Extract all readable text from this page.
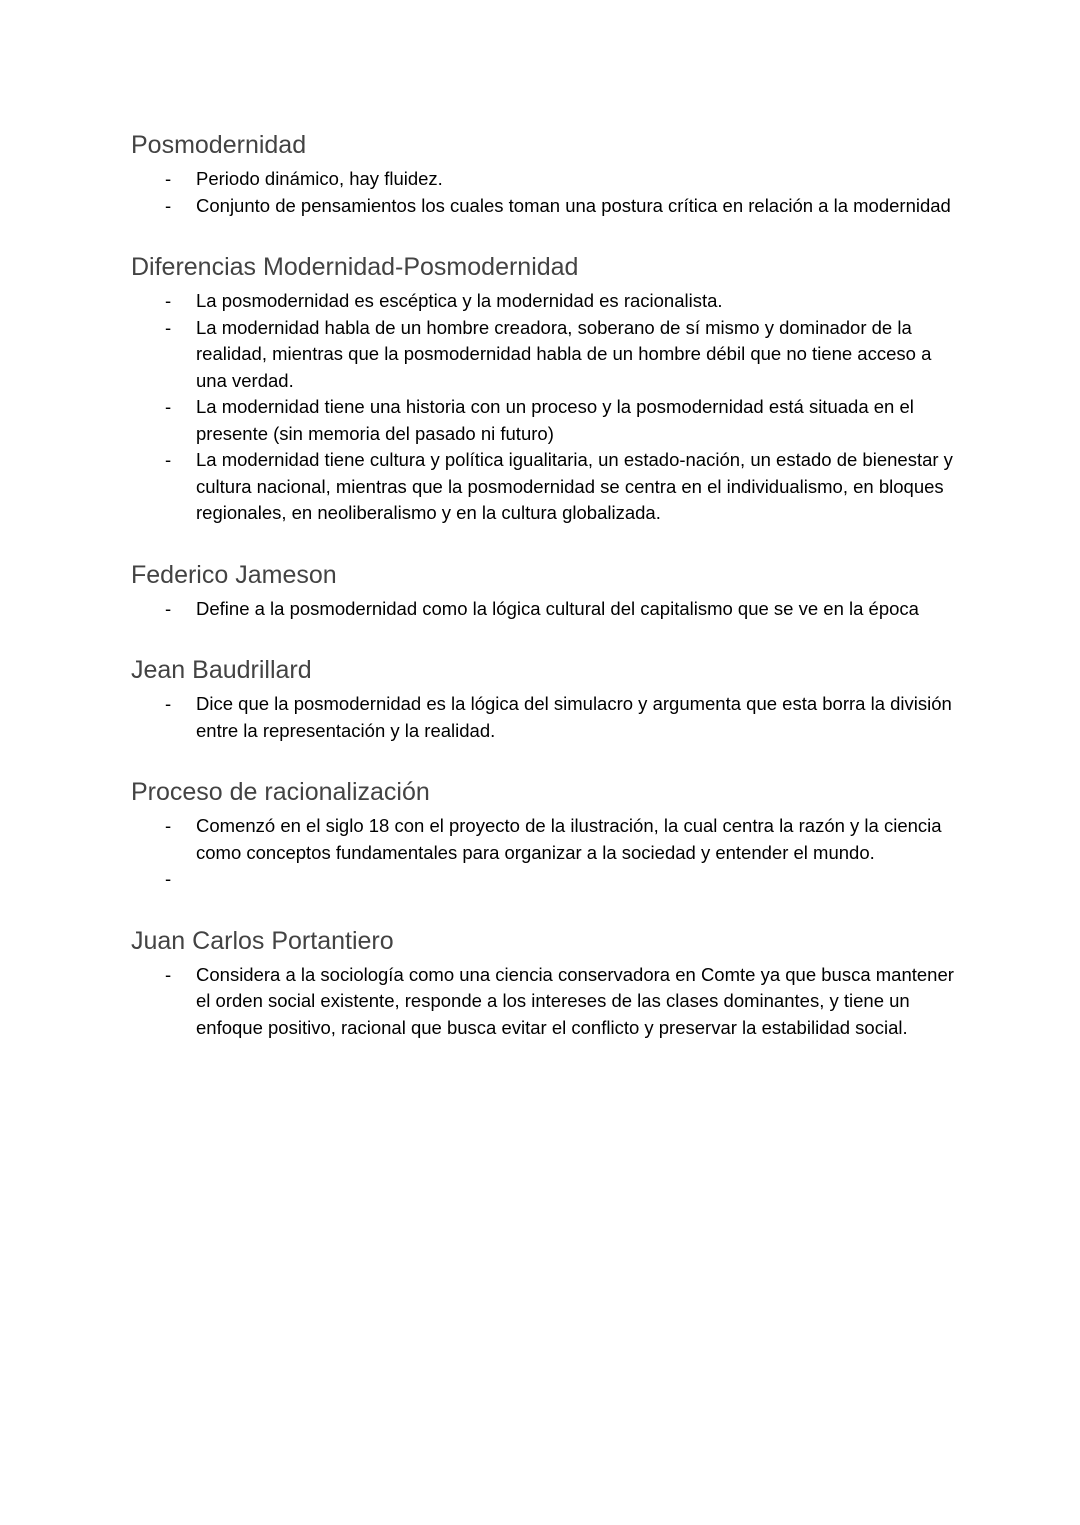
Posmodernidad
- Periodo dinámico, hay fluidez.
- Conjunto de pensamientos los cuales toman una postura crítica en relación a la modernidad
Diferencias Modernidad-Posmodernidad
- La posmodernidad es escéptica y la modernidad es racionalista.
- La modernidad habla de un hombre creadora, soberano de sí mismo y dominador de la realidad, mientras que la posmodernidad habla de un hombre débil que no tiene acceso a una verdad.
- La modernidad tiene una historia con un proceso y la posmodernidad está situada en el presente (sin memoria del pasado ni futuro)
- La modernidad tiene cultura y política igualitaria, un estado-nación, un estado de bienestar y cultura nacional, mientras que la posmodernidad se centra en el individualismo, en bloques regionales, en neoliberalismo y en la cultura globalizada.
Federico Jameson
- Define a la posmodernidad como la lógica cultural del capitalismo que se ve en la época
Jean Baudrillard
- Dice que la posmodernidad es la lógica del simulacro y argumenta que esta borra la división entre la representación y la realidad.
Proceso de racionalización
- Comenzó en el siglo 18 con el proyecto de la ilustración, la cual centra la razón y la ciencia como conceptos fundamentales para organizar a la sociedad y entender el mundo.
-

Juan Carlos Portantiero
- Considera a la sociología como una ciencia conservadora en Comte ya que busca mantener el orden social existente, responde a los intereses de las clases dominantes, y tiene un enfoque positivo, racional que busca evitar el conflicto y preservar la estabilidad social.
